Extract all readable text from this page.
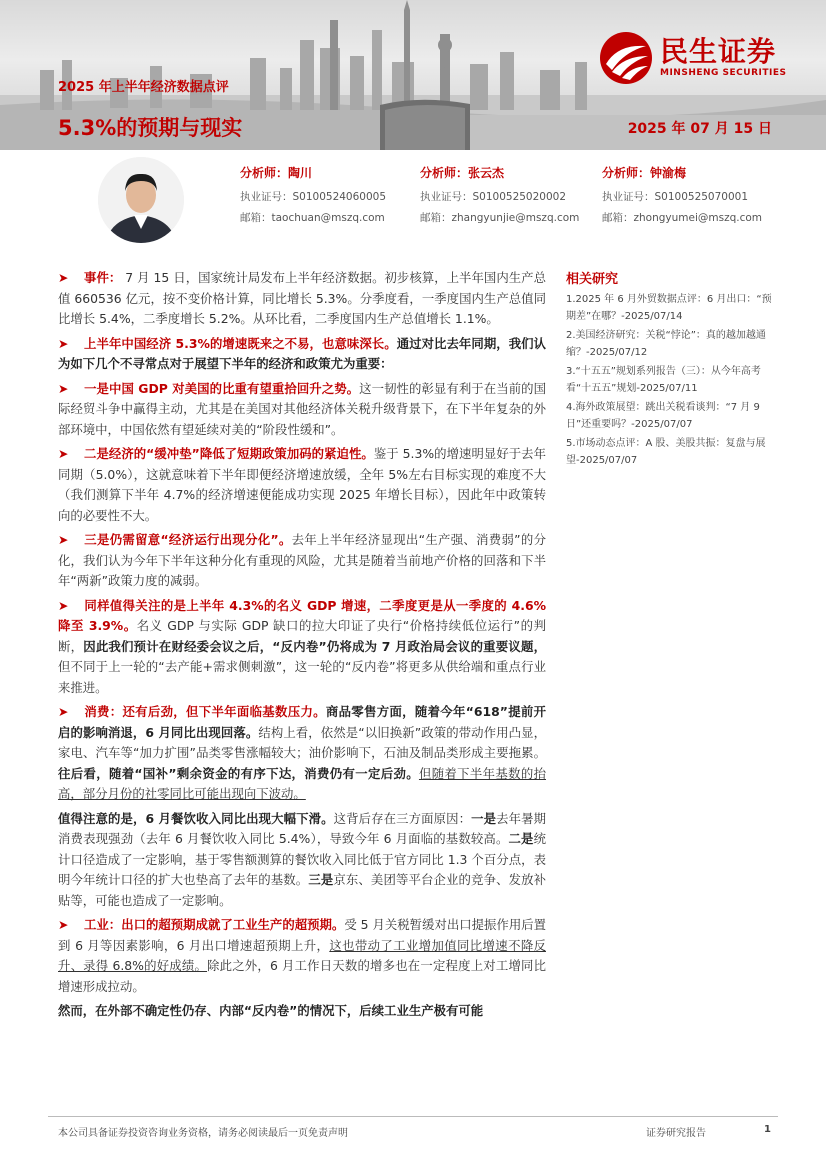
2025 年上半年经济数据点评
5.3%的预期与现实	2025 年 07 月 15 日
民生证券
MINSHENG SECURITIES
分析师：陶川
执业证号：S0100524060005
邮箱：taochuan@mszq.com
分析师：张云杰
执业证号：S0100525020002
邮箱：zhangyunjie@mszq.com
分析师：钟渝梅
执业证号：S0100525070001
邮箱：zhongyumei@mszq.com

➤ 事件： 7 月 15 日，国家统计局发布上半年经济数据。初步核算，上半年国内生产总值 660536 亿元，按不变价格计算，同比增长 5.3%。分季度看，一季度国内生产总值同比增长 5.4%，二季度增长 5.2%。从环比看，二季度国内生产总值增长 1.1%。

➤ 上半年中国经济 5.3%的增速既来之不易，也意味深长。通过对比去年同期，我们认为如下几个不寻常点对于展望下半年的经济和政策尤为重要：

➤ 一是中国 GDP 对美国的比重有望重拾回升之势。这一韧性的彰显有利于在当前的国际经贸斗争中赢得主动，尤其是在美国对其他经济体关税升级背景下，在下半年复杂的外部环境中，中国依然有望延续对美的“阶段性缓和”。

➤ 二是经济的“缓冲垫”降低了短期政策加码的紧迫性。鉴于 5.3%的增速明显好于去年同期（5.0%），这就意味着下半年即便经济增速放缓，全年 5%左右目标实现的难度不大（我们测算下半年 4.7%的经济增速便能成功实现 2025 年增长目标），因此年中政策转向的必要性不大。

➤ 三是仍需留意“经济运行出现分化”。去年上半年经济显现出“生产强、消费弱”的分化，我们认为今年下半年这种分化有重现的风险，尤其是随着当前地产价格的回落和下半年“两新”政策力度的减弱。

➤ 同样值得关注的是上半年 4.3%的名义 GDP 增速，二季度更是从一季度的 4.6%降至 3.9%。名义 GDP 与实际 GDP 缺口的拉大印证了央行“价格持续低位运行”的判断，因此我们预计在财经委会议之后，“反内卷”仍将成为 7 月政治局会议的重要议题，但不同于上一轮的“去产能+需求侧刺激”，这一轮的“反内卷”将更多从供给端和重点行业来推进。

➤ 消费：还有后劲，但下半年面临基数压力。商品零售方面，随着今年“618”提前开启的影响消退，6 月同比出现回落。结构上看，依然是“以旧换新”政策的带动作用凸显，家电、汽车等“加力扩围”品类零售涨幅较大；油价影响下，石油及制品类形成主要拖累。往后看，随着“国补”剩余资金的有序下达，消费仍有一定后劲。但随着下半年基数的抬高，部分月份的社零同比可能出现向下波动。

值得注意的是，6 月餐饮收入同比出现大幅下滑。这背后存在三方面原因：一是去年暑期消费表现强劲（去年 6 月餐饮收入同比 5.4%），导致今年 6 月面临的基数较高。二是统计口径造成了一定影响，基于零售额测算的餐饮收入同比低于官方同比 1.3 个百分点，表明今年统计口径的扩大也垫高了去年的基数。三是京东、美团等平台企业的竞争、发放补贴等，可能也造成了一定影响。

➤ 工业：出口的超预期成就了工业生产的超预期。受 5 月关税暂缓对出口提振作用后置到 6 月等因素影响，6 月出口增速超预期上升，这也带动了工业增加值同比增速不降反升、录得 6.8%的好成绩。除此之外，6 月工作日天数的增多也在一定程度上对工增同比增速形成拉动。

然而，在外部不确定性仍存、内部“反内卷”的情况下，后续工业生产极有可能

相关研究
1.2025 年 6 月外贸数据点评：6 月出口：“预期差”在哪？-2025/07/14
2.美国经济研究：关税“悖论”：真的越加越通缩？-2025/07/12
3.“十五五”规划系列报告（三）：从今年高考看“十五五”规划-2025/07/11
4.海外政策展望：跳出关税看谈判：“7 月 9 日”还重要吗？-2025/07/07
5.市场动态点评：A 股、美股共振：复盘与展望-2025/07/07
本公司具备证券投资咨询业务资格，请务必阅读最后一页免责声明	证券研究报告	1
